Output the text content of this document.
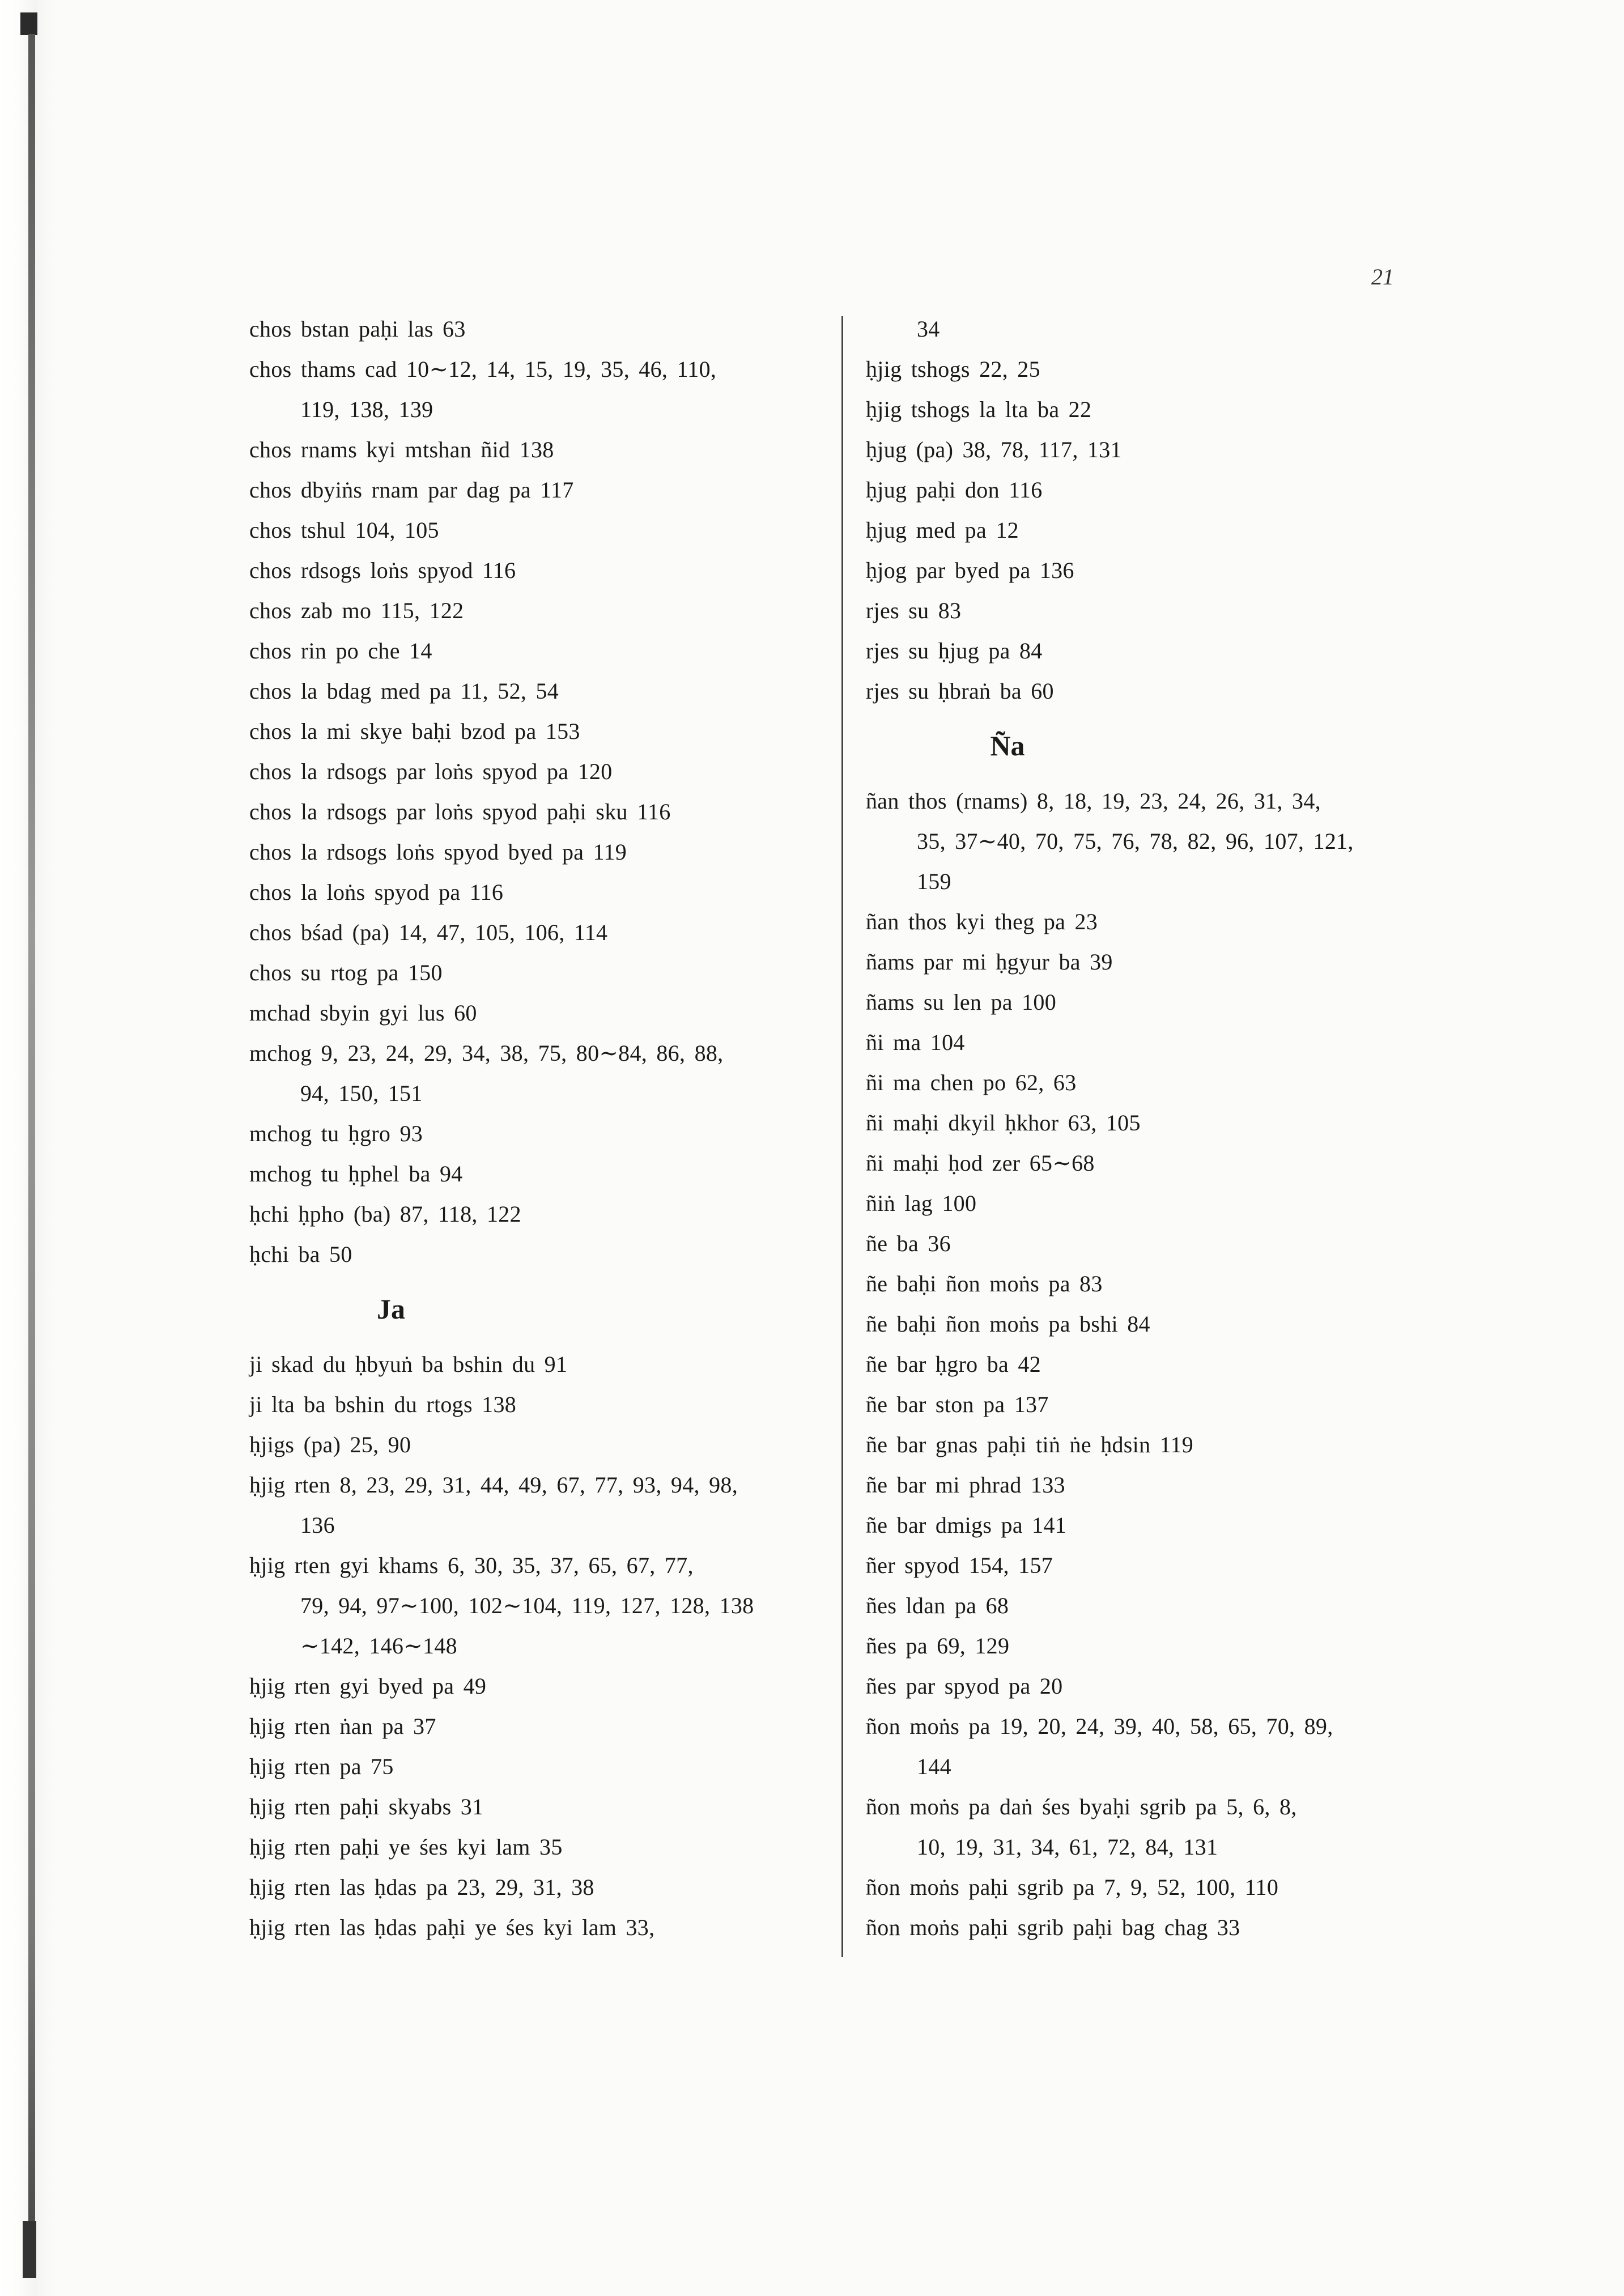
21
chos bstan paḥi las 63
chos thams cad 10∼12, 14, 15, 19, 35, 46, 110,
119, 138, 139
chos rnams kyi mtshan ñid 138
chos dbyiṅs rnam par dag pa 117
chos tshul 104, 105
chos rdsogs loṅs spyod 116
chos zab mo 115, 122
chos rin po che 14
chos la bdag med pa 11, 52, 54
chos la mi skye baḥi bzod pa 153
chos la rdsogs par loṅs spyod pa 120
chos la rdsogs par loṅs spyod paḥi sku 116
chos la rdsogs loṅs spyod byed pa 119
chos la loṅs spyod pa 116
chos bśad (pa) 14, 47, 105, 106, 114
chos su rtog pa 150
mchad sbyin gyi lus 60
mchog 9, 23, 24, 29, 34, 38, 75, 80∼84, 86, 88,
94, 150, 151
mchog tu ḥgro 93
mchog tu ḥphel ba 94
ḥchi ḥpho (ba) 87, 118, 122
ḥchi ba 50
Ja
ji skad du ḥbyuṅ ba bshin du 91
ji lta ba bshin du rtogs 138
ḥjigs (pa) 25, 90
ḥjig rten 8, 23, 29, 31, 44, 49, 67, 77, 93, 94, 98,
136
ḥjig rten gyi khams 6, 30, 35, 37, 65, 67, 77,
79, 94, 97∼100, 102∼104, 119, 127, 128, 138
∼142, 146∼148
ḥjig rten gyi byed pa 49
ḥjig rten ṅan pa 37
ḥjig rten pa 75
ḥjig rten paḥi skyabs 31
ḥjig rten paḥi ye śes kyi lam 35
ḥjig rten las ḥdas pa 23, 29, 31, 38
ḥjig rten las ḥdas paḥi ye śes kyi lam 33,
34
ḥjig tshogs 22, 25
ḥjig tshogs la lta ba 22
ḥjug (pa) 38, 78, 117, 131
ḥjug paḥi don 116
ḥjug med pa 12
ḥjog par byed pa 136
rjes su 83
rjes su ḥjug pa 84
rjes su ḥbraṅ ba 60
Ña
ñan thos (rnams) 8, 18, 19, 23, 24, 26, 31, 34,
35, 37∼40, 70, 75, 76, 78, 82, 96, 107, 121,
159
ñan thos kyi theg pa 23
ñams par mi ḥgyur ba 39
ñams su len pa 100
ñi ma 104
ñi ma chen po 62, 63
ñi maḥi dkyil ḥkhor 63, 105
ñi maḥi ḥod zer 65∼68
ñiṅ lag 100
ñe ba 36
ñe baḥi ñon moṅs pa 83
ñe baḥi ñon moṅs pa bshi 84
ñe bar ḥgro ba 42
ñe bar ston pa 137
ñe bar gnas paḥi tiṅ ṅe ḥdsin 119
ñe bar mi phrad 133
ñe bar dmigs pa 141
ñer spyod 154, 157
ñes ldan pa 68
ñes pa 69, 129
ñes par spyod pa 20
ñon moṅs pa 19, 20, 24, 39, 40, 58, 65, 70, 89,
144
ñon moṅs pa daṅ śes byaḥi sgrib pa 5, 6, 8,
10, 19, 31, 34, 61, 72, 84, 131
ñon moṅs paḥi sgrib pa 7, 9, 52, 100, 110
ñon moṅs paḥi sgrib paḥi bag chag 33
